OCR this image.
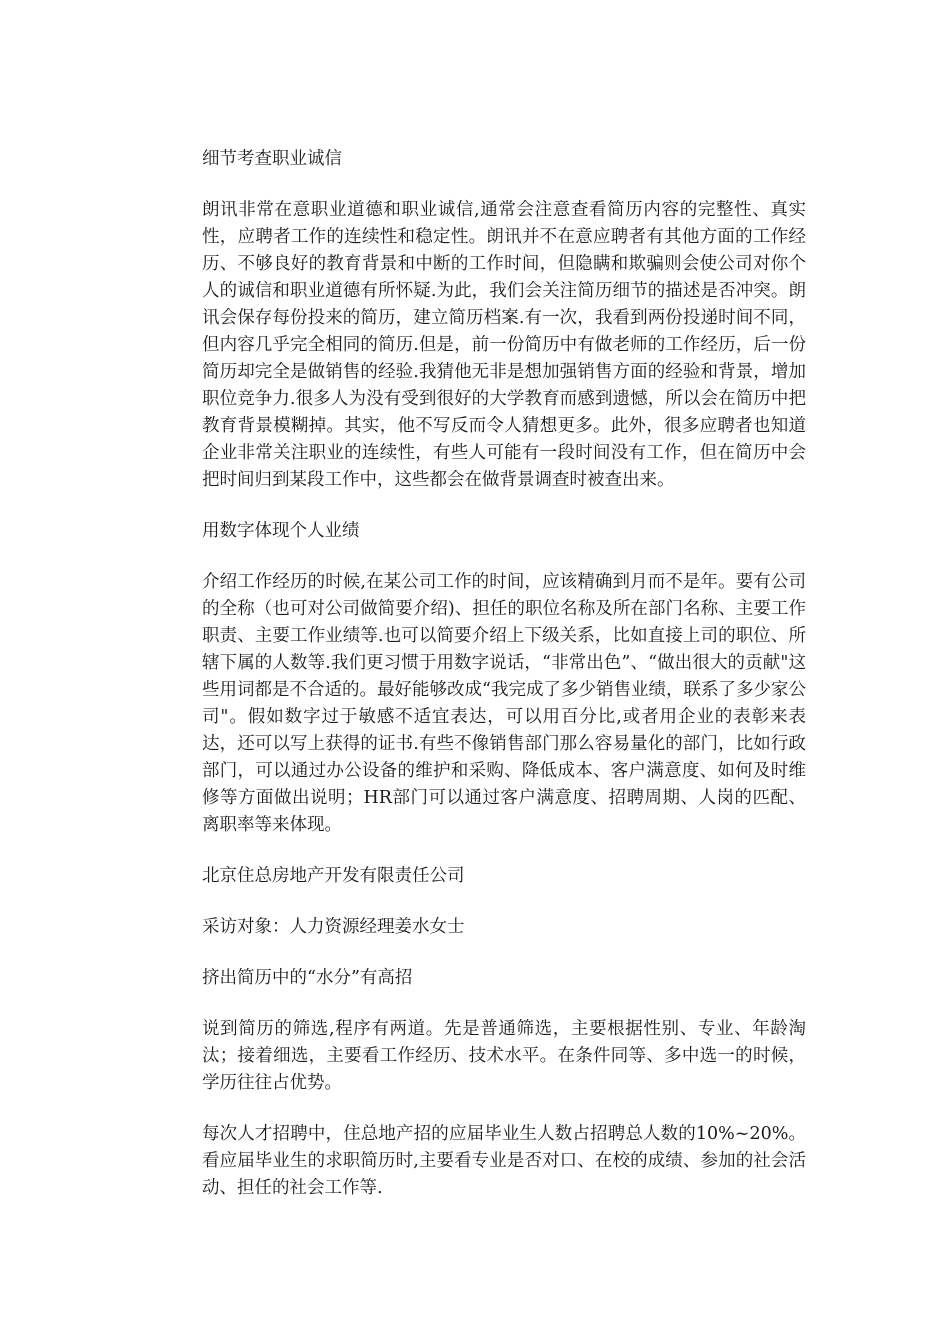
细节考查职业诚信

朗讯非常在意职业道德和职业诚信,通常会注意查看简历内容的完整性、真实性，应聘者工作的连续性和稳定性。朗讯并不在意应聘者有其他方面的工作经历、不够良好的教育背景和中断的工作时间，但隐瞒和欺骗则会使公司对你个人的诚信和职业道德有所怀疑.为此，我们会关注简历细节的描述是否冲突。朗讯会保存每份投来的简历，建立简历档案.有一次，我看到两份投递时间不同，但内容几乎完全相同的简历.但是，前一份简历中有做老师的工作经历，后一份简历却完全是做销售的经验.我猜他无非是想加强销售方面的经验和背景，增加职位竞争力.很多人为没有受到很好的大学教育而感到遗憾，所以会在简历中把教育背景模糊掉。其实，他不写反而令人猜想更多。此外，很多应聘者也知道企业非常关注职业的连续性，有些人可能有一段时间没有工作，但在简历中会把时间归到某段工作中，这些都会在做背景调查时被查出来。

用数字体现个人业绩

介绍工作经历的时候,在某公司工作的时间，应该精确到月而不是年。要有公司的全称（也可对公司做简要介绍)、担任的职位名称及所在部门名称、主要工作职责、主要工作业绩等.也可以简要介绍上下级关系，比如直接上司的职位、所辖下属的人数等.我们更习惯于用数字说话，“非常出色”、“做出很大的贡献"这些用词都是不合适的。最好能够改成“我完成了多少销售业绩，联系了多少家公司"。假如数字过于敏感不适宜表达，可以用百分比,或者用企业的表彰来表达，还可以写上获得的证书.有些不像销售部门那么容易量化的部门，比如行政部门，可以通过办公设备的维护和采购、降低成本、客户满意度、如何及时维修等方面做出说明；HR部门可以通过客户满意度、招聘周期、人岗的匹配、离职率等来体现。

北京住总房地产开发有限责任公司

采访对象：人力资源经理姜水女士

挤出简历中的“水分”有高招

说到简历的筛选,程序有两道。先是普通筛选，主要根据性别、专业、年龄淘汰；接着细选，主要看工作经历、技术水平。在条件同等、多中选一的时候，学历往往占优势。

每次人才招聘中，住总地产招的应届毕业生人数占招聘总人数的10%~20%。看应届毕业生的求职简历时,主要看专业是否对口、在校的成绩、参加的社会活动、担任的社会工作等.
